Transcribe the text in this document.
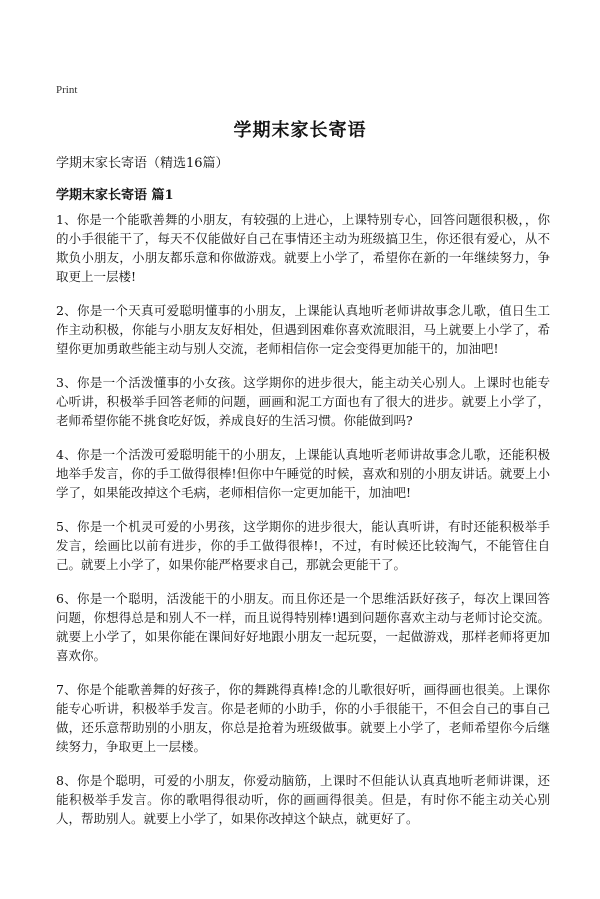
Print
学期末家长寄语
学期末家长寄语（精选16篇）
学期末家长寄语 篇1

1、你是一个能歌善舞的小朋友，有较强的上进心，上课特别专心，回答问题很积极，，你的小手很能干了，每天不仅能做好自己在事情还主动为班级搞卫生，你还很有爱心，从不欺负小朋友，小朋友都乐意和你做游戏。就要上小学了，希望你在新的一年继续努力，争取更上一层楼!

2、你是一个天真可爱聪明懂事的小朋友，上课能认真地听老师讲故事念儿歌，值日生工作主动积极，你能与小朋友友好相处，但遇到困难你喜欢流眼泪，马上就要上小学了，希望你更加勇敢些能主动与别人交流，老师相信你一定会变得更加能干的，加油吧!

3、你是一个活泼懂事的小女孩。这学期你的进步很大，能主动关心别人。上课时也能专心听讲，积极举手回答老师的问题，画画和泥工方面也有了很大的进步。就要上小学了，老师希望你能不挑食吃好饭，养成良好的生活习惯。你能做到吗?

4、你是一个活泼可爱聪明能干的小朋友，上课能认真地听老师讲故事念儿歌，还能积极地举手发言，你的手工做得很棒!但你中午睡觉的时候，喜欢和别的小朋友讲话。就要上小学了，如果能改掉这个毛病，老师相信你一定更加能干，加油吧!

5、你是一个机灵可爱的小男孩，这学期你的进步很大，能认真听讲，有时还能积极举手发言，绘画比以前有进步，你的手工做得很棒!，不过，有时候还比较淘气，不能管住自己。就要上小学了，如果你能严格要求自己，那就会更能干了。

6、你是一个聪明，活泼能干的小朋友。而且你还是一个思维活跃好孩子，每次上课回答问题，你想得总是和别人不一样，而且说得特别棒!遇到问题你喜欢主动与老师讨论交流。就要上小学了，如果你能在课间好好地跟小朋友一起玩耍，一起做游戏，那样老师将更加喜欢你。

7、你是个能歌善舞的好孩子，你的舞跳得真棒!念的儿歌很好听，画得画也很美。上课你能专心听讲，积极举手发言。你是老师的小助手，你的小手很能干，不但会自己的事自己做，还乐意帮助别的小朋友，你总是抢着为班级做事。就要上小学了，老师希望你今后继续努力，争取更上一层楼。

8、你是个聪明，可爱的小朋友，你爱动脑筋，上课时不但能认认真真地听老师讲课，还能积极举手发言。你的歌唱得很动听，你的画画得很美。但是，有时你不能主动关心别人，帮助别人。就要上小学了，如果你改掉这个缺点，就更好了。
